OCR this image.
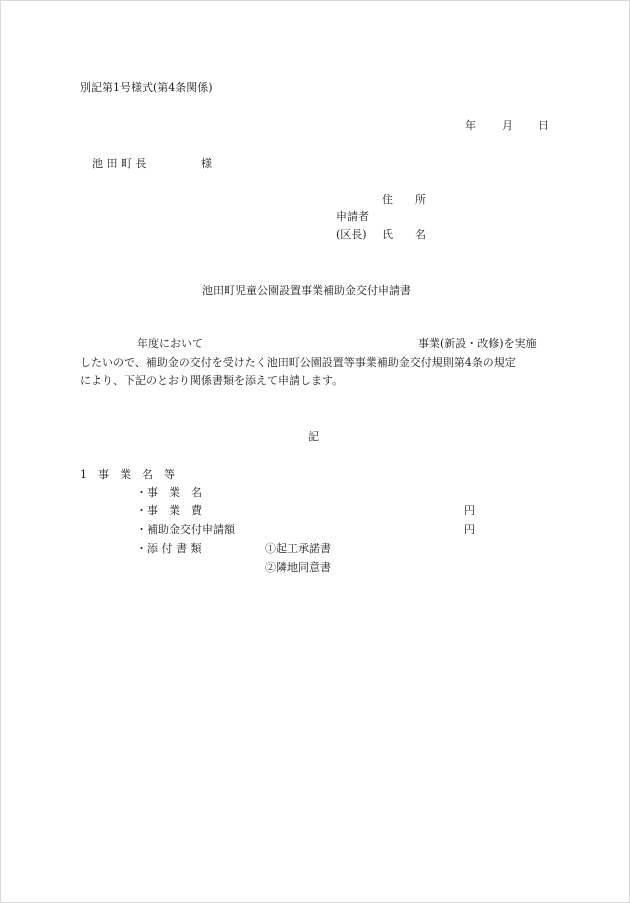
別記第1号様式(第4条関係)
年 月 日
池 田 町 長	様
住　　所
申請者
(区長) 氏　　名
池田町児童公園設置事業補助金交付申請書
年度において	事業(新設・改修)を実施
したいので、補助金の交付を受けたく池田町公園設置等事業補助金交付規則第4条の規定
により、下記のとおり関係書類を添えて申請します。
記
1　事　業　名　等
・事　業　名
・事　業　費	円
・補助金交付申請額	円
・添 付 書 類	①起工承諾書
②隣地同意書
